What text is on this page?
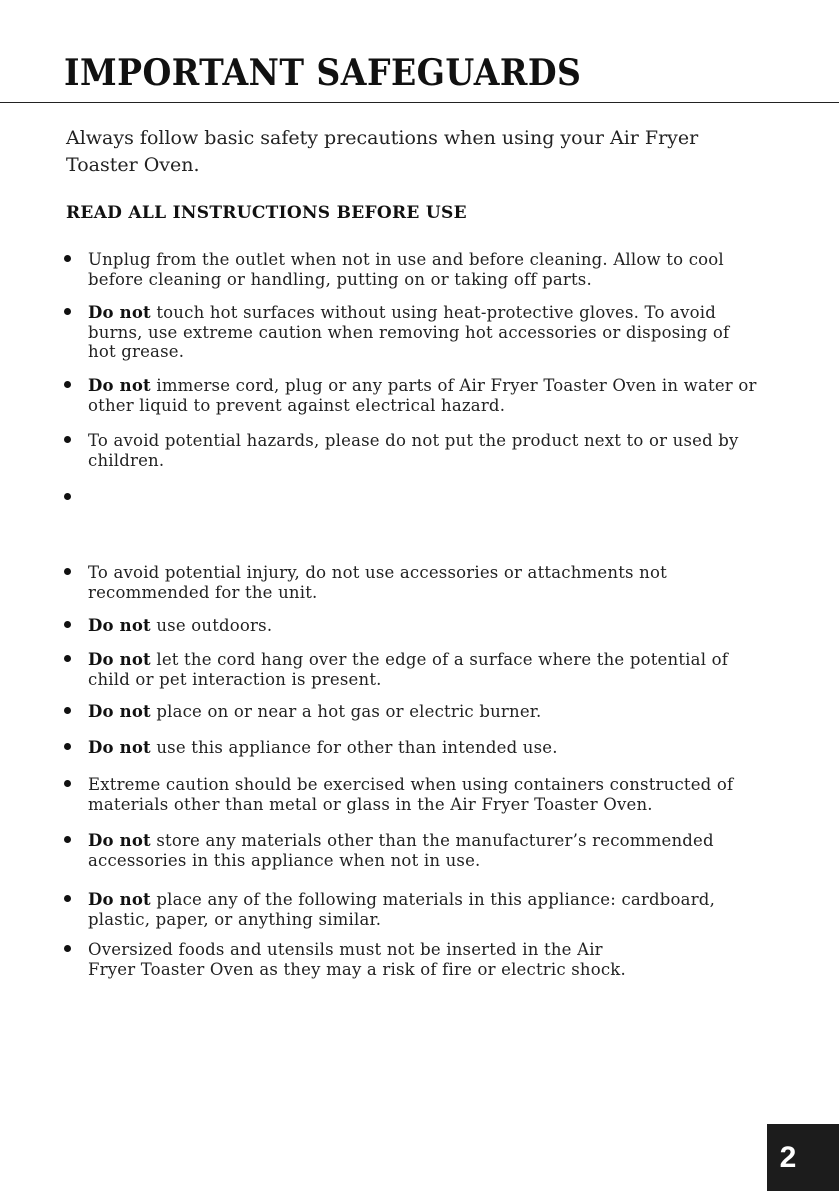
IMPORTANT SAFEGUARDS

Always follow basic safety precautions when using your Air Fryer Toaster Oven.

READ ALL INSTRUCTIONS BEFORE USE
Unplug from the outlet when not in use and before cleaning. Allow to cool before cleaning or handling, putting on or taking off parts.
Do not touch hot surfaces without using heat-protective gloves. To avoid burns, use extreme caution when removing hot accessories or disposing of hot grease.
Do not immerse cord, plug or any parts of Air Fryer Toaster Oven in water or other liquid to prevent against electrical hazard.
To avoid potential hazards, please do not put the product next to or used by children.
To avoid potential injury, do not use accessories or attachments not recommended for the unit.
Do not use outdoors.
Do not let the cord hang over the edge of a surface where the potential of child or pet interaction is present.
Do not place on or near a hot gas or electric burner.
Do not use this appliance for other than intended use.
Extreme caution should be exercised when using containers constructed of materials other than metal or glass in the Air Fryer Toaster Oven.
Do not store any materials other than the manufacturer’s recommended accessories in this appliance when not in use.
Do not place any of the following materials in this appliance: cardboard, plastic, paper, or anything similar.
Oversized foods and utensils must not be inserted in the Air Fryer Toaster Oven as they may a risk of fire or electric shock.
2
